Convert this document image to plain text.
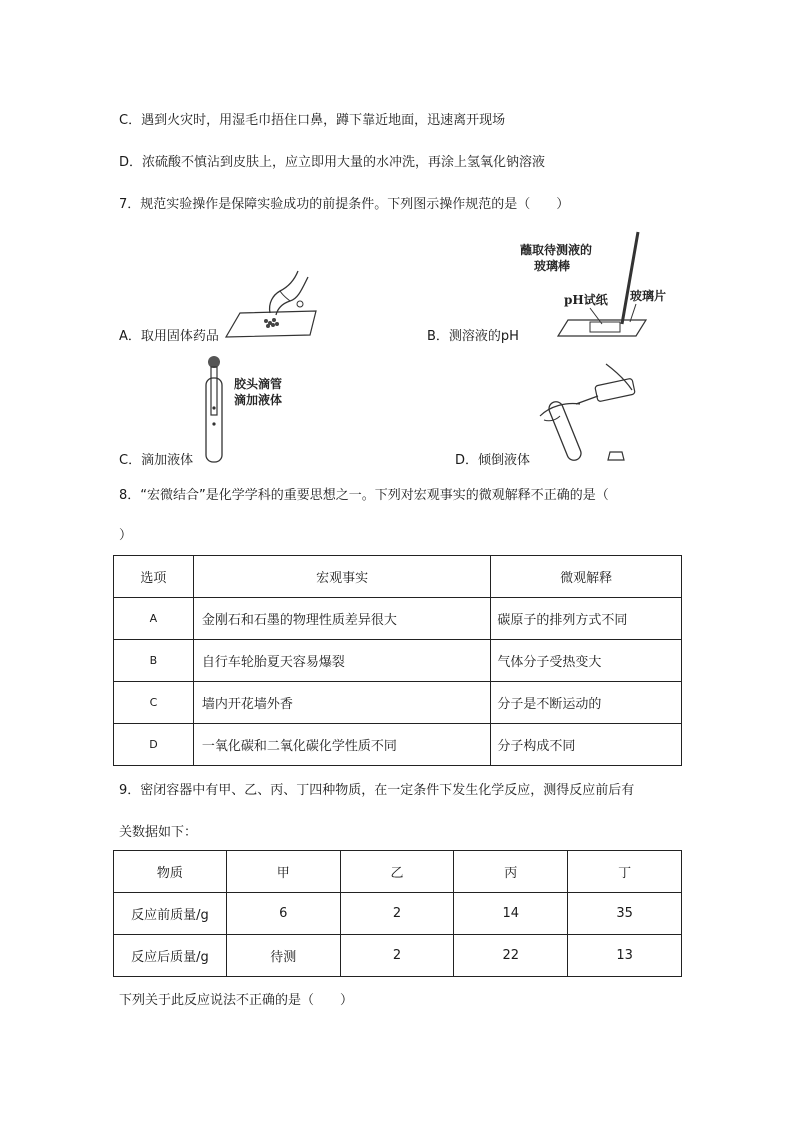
C．遇到火灾时，用湿毛巾捂住口鼻，蹲下靠近地面，迅速离开现场
D．浓硫酸不慎沾到皮肤上，应立即用大量的水冲洗，再涂上氢氧化钠溶液
7．规范实验操作是保障实验成功的前提条件。下列图示操作规范的是（　　）
A．取用固体药品
蘸取待测液的
玻璃棒
pH试纸 玻璃片
B．测溶液的pH
胶头滴管
滴加液体
C．滴加液体	D．倾倒液体
8．“宏微结合”是化学学科的重要思想之一。下列对宏观事实的微观解释不正确的是（
）
选项	宏观事实	微观解释
A	金刚石和石墨的物理性质差异很大	碳原子的排列方式不同
B	自行车轮胎夏天容易爆裂	气体分子受热变大
C	墙内开花墙外香	分子是不断运动的
D	一氧化碳和二氧化碳化学性质不同	分子构成不同
9．密闭容器中有甲、乙、丙、丁四种物质，在一定条件下发生化学反应，测得反应前后有
关数据如下：
物质	甲	乙	丙	丁
反应前质量/g	6	2	14	35
反应后质量/g	待测	2	22	13
下列关于此反应说法不正确的是（　　）
